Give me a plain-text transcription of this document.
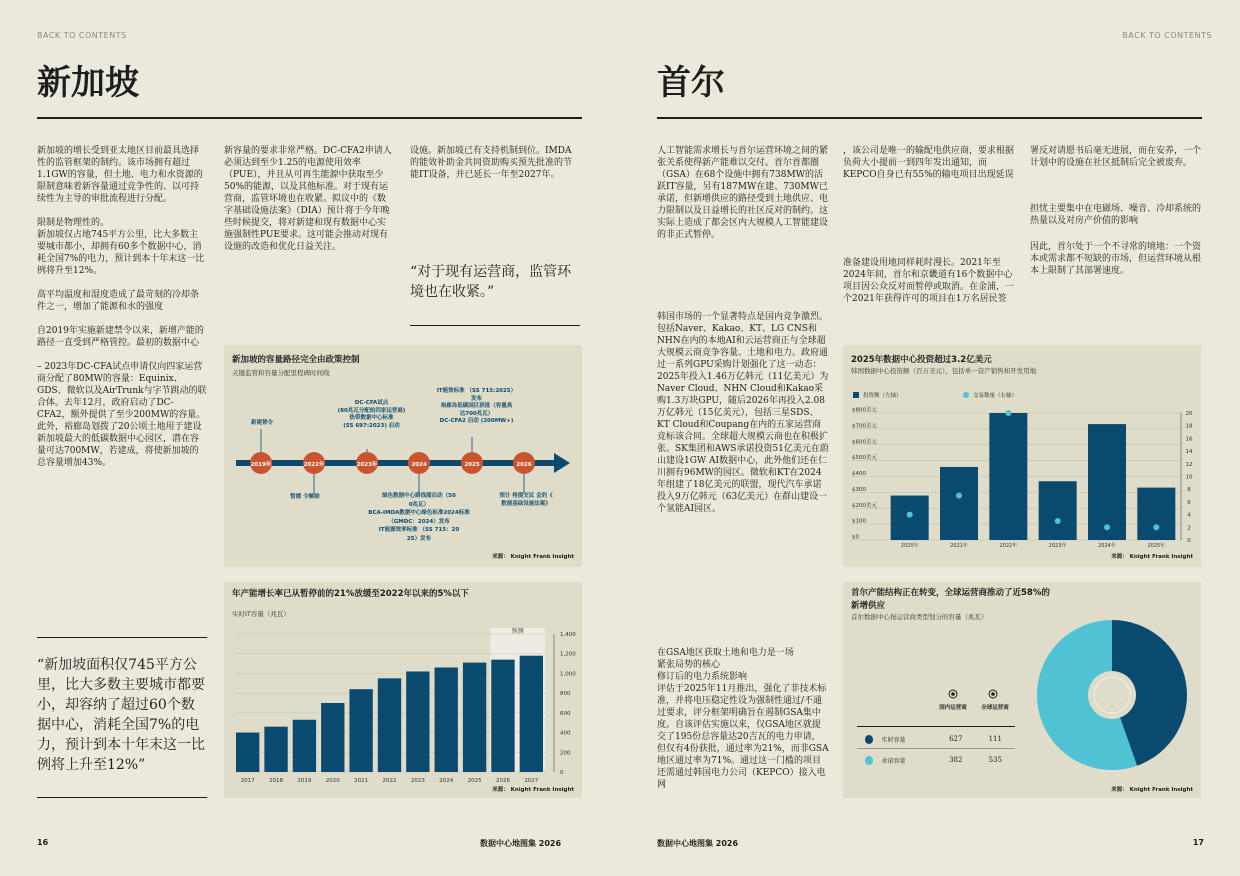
BACK TO CONTENTS
新加坡

新加坡的增长受到亚太地区目前最具选择性的监管框架的制约。该市场拥有超过1.1GW的容量，但土地、电力和水资源的限制意味着新容量通过竞争性的、以可持续性为主导的审批流程进行分配。

限制是物理性的。
新加坡仅占地745平方公里，比大多数主要城市都小，却拥有60多个数据中心，消耗全国7%的电力，预计到本十年末这一比例将升至12%。

高平均温度和湿度造成了最苛刻的冷却条件之一，增加了能源和水的强度

自2019年实施新建禁令以来，新增产能的路径一直受到严格管控。最初的数据中心

– 2023年DC-CFA试点申请仅向四家运营商分配了80MW的容量：Equinix、GDS、微软以及AirTrunk与字节跳动的联合体。去年12月，政府启动了DC-CFA2，额外提供了至少200MW的容量。此外，裕廊岛划拨了20公顷土地用于建设新加坡最大的低碳数据中心园区，潜在容量可达700MW，若建成，将使新加坡的总容量增加43%。

新容量的要求非常严格。DC-CFA2申请人必须达到至少1.25的电源使用效率（PUE），并且从可再生能源中获取至少50%的能源，以及其他标准。对于现有运营商，监管环境也在收紧。拟议中的《数字基础设施法案》（DIA）预计将于今年晚些时候提交，将对新建和现有数据中心实施强制性PUE要求。这可能会推动对现有设施的改造和优化日益关注。
设施。新加坡已有支持机制到位。IMDA的能效补助金共同资助购买预先批准的节能IT设备，并已延长一年至2027年。
“对于现有运营商，监管环境也在收紧。”
“新加坡面积仅745平方公里，比大多数主要城市都要小，却容纳了超过60个数据中心，消耗全国7%的电力，预计到本十年末这一比例将上升至12%”
新加坡的容量路径完全由政策控制
关键监管和容量分配里程碑时间线
2019年	2022年	2023年	2024	2025	2026
新建禁令
DC-CFA试点
(80兆瓦分配给四家运营商)
热带数据中心标准
(SS 697:2023) 启动
IT能效标准 （SS 715:2025）
发布
裕廊岛低碳园区获批（容量高
达700兆瓦）
DC-CFA2 启动 (200MW+)
暂缓 令解除	绿色数据中心路线图启动（50
0兆瓦）
BCA-IMDA数据中心绿色标准2024标准
（GMDC：2024）发布
IT能源效率标准 （SS 715：20
25）发布
预计 将提交议 会的《
数据基础设施法案》
来源： Knight Frank Insight
年产能增长率已从暂停前的21%放缓至2022年以来的5%以下
实时IT容量（兆瓦）
预测
0
200
400
600
800
1,000
1,200
1,400
2017	2018	2019	2020	2021	2022	2023	2024	2025	2026	2027
来源： Knight Frank Insight
16	数据中心地图集 2026
BACK TO CONTENTS
首尔

人工智能需求增长与首尔运营环境之间的紧张关系使得新产能难以交付。首尔首都圈（GSA）在68个设施中拥有738MW的活跃IT容量，另有187MW在建、730MW已承诺，但新增供应的路径受到土地供应、电力限制以及日益增长的社区反对的制约。这实际上造成了都会区内大规模人工智能建设的非正式暂停。

韩国市场的一个显著特点是国内竞争激烈。包括Naver、Kakao、KT、LG CNS和NHN在内的本地AI和云运营商正与全球超大规模云商竞争容量、土地和电力。政府通过一系列GPU采购计划强化了这一动态：2025年投入1.46万亿韩元（11亿美元）为Naver Cloud、NHN Cloud和Kakao采购1.3万块GPU，随后2026年再投入2.08万亿韩元（15亿美元），包括三星SDS、KT Cloud和Coupang在内的五家运营商竞标该合同。全球超大规模云商也在积极扩张。SK集团和AWS承诺投资51亿美元在蔚山建设1GW AI数据中心，此外他们还在仁川拥有96MW的园区。微软和KT在2024年组建了18亿美元的联盟，现代汽车承诺投入9万亿韩元（63亿美元）在群山建设一个氢能AI园区。

，该公司是唯一的输配电供应商，要求根据负荷大小提前一到四年发出通知，而KEPCO自身已有55%的输电项目出现延误

准备建设用地同样耗时漫长。2021年至2024年间，首尔和京畿道有16个数据中心项目因公众反对而暂停或取消。在金浦，一个2021年获得许可的项目在1万名居民签

署反对请愿书后毫无进展，而在安养，一个计划中的设施在社区抵制后完全被废弃。

担忧主要集中在电磁场、噪音、冷却系统的热量以及对房产价值的影响

因此，首尔处于一个不寻常的境地：一个资本或需求都不短缺的市场，但运营环境从根本上限制了其部署速度。

在GSA地区获取土地和电力是一场
紧张局势的核心
修订后的电力系统影响
评估于2025年11月推出，强化了非技术标准，并将电压稳定性设为强制性通过/不通过要求，评分框架明确旨在遏制GSA集中度。自该评估实施以来，仅GSA地区就提交了195份总容量达20吉瓦的电力申请，但仅有4份获批，通过率为21%，而非GSA地区通过率为71%。通过这一门槛的项目还需通过韩国电力公司（KEPCO）接入电网
2025年数据中心投资超过3.2亿美元
韩国数据中心投资额（百万美元），包括单一资产销售和开发用地
投资额（左轴）	交易数量（右轴）
$0
$100
$200美元
$300
$400
$500美元
$600美元
$700美元
$800美元
0
2
4
6
8
10
12
14
16
18
20
2020年	2021年	2022年	2023年	2024年	2025年
来源： Knight Frank Insight
首尔产能结构正在转变，全球运营商推动了近58%的新增供应
首尔数据中心按运营商类型划分的容量（兆瓦）
国内运营商	全球运营商
实时容量	627	111
承诺容量	382	535
来源： Knight Frank Insight
数据中心地图集 2026	17
